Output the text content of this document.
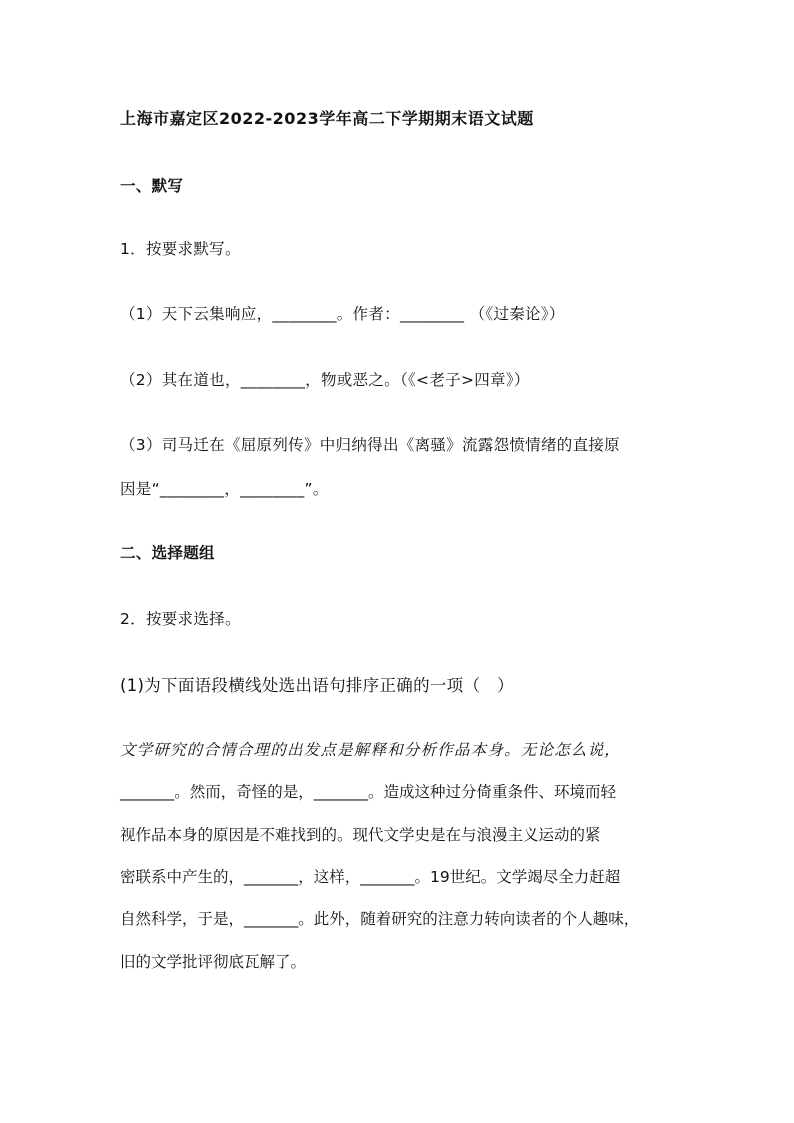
上海市嘉定区2022-2023学年高二下学期期末语文试题
一、默写
1．按要求默写。
（1）天下云集响应，________。作者：________ （《过秦论》）
（2）其在道也，________，物或恶之。（《<老子>四章》）
（3）司马迁在《屈原列传》中归纳得出《离骚》流露怨愤情绪的直接原
因是“________，________”。
二、选择题组
2．按要求选择。
(1)为下面语段横线处选出语句排序正确的一项（　）
文学研究的合情合理的出发点是解释和分析作品本身。无论怎么说，
_______。然而，奇怪的是，_______。造成这种过分倚重条件、环境而轻
视作品本身的原因是不难找到的。现代文学史是在与浪漫主义运动的紧
密联系中产生的，_______，这样，_______。19世纪。文学竭尽全力赶超
自然科学，于是，_______。此外，随着研究的注意力转向读者的个人趣味，
旧的文学批评彻底瓦解了。
